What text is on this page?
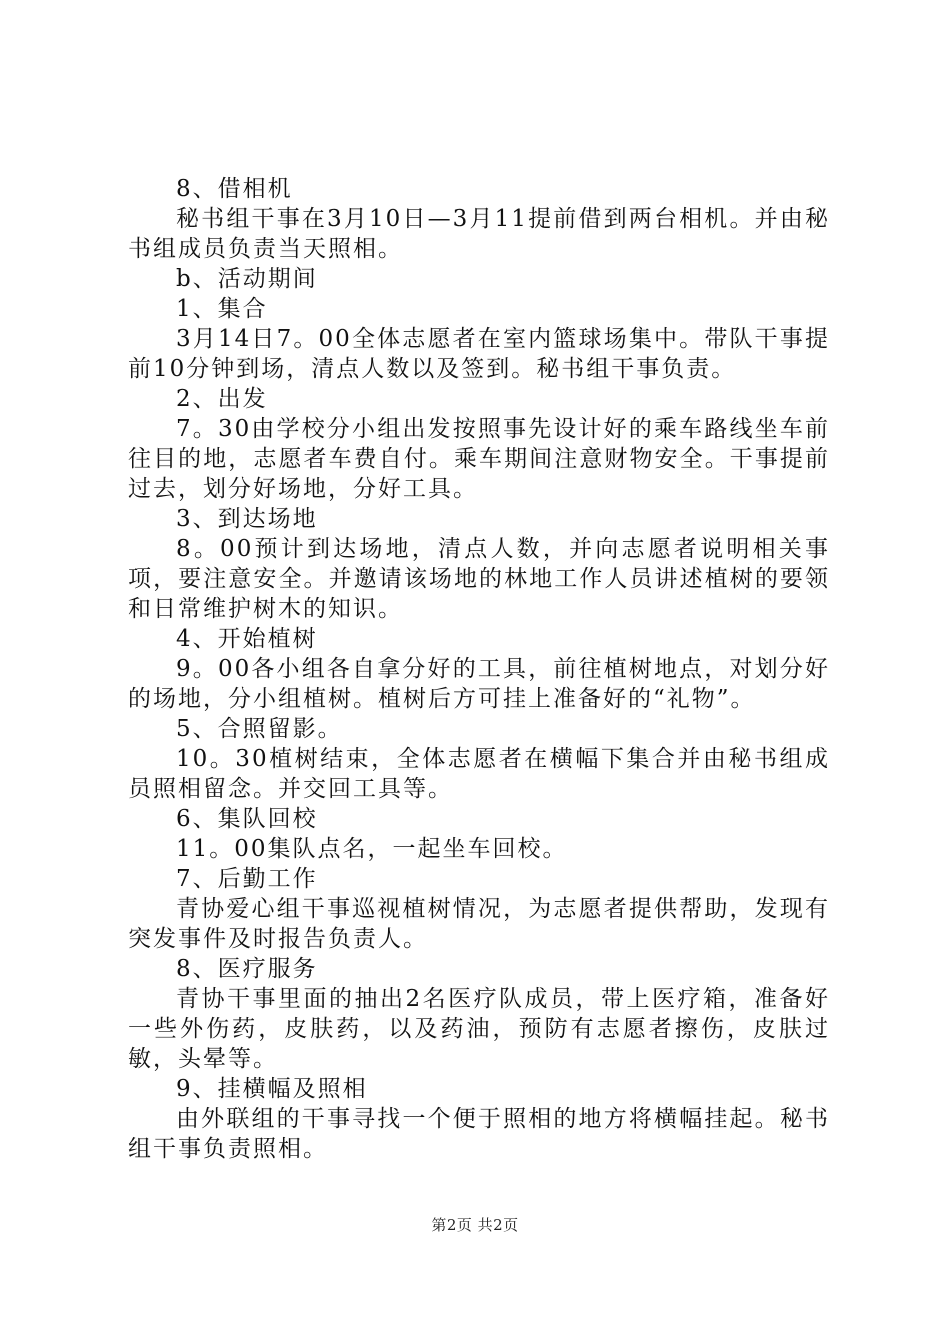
8、借相机

秘书组干事在3月10日—3月11提前借到两台相机。并由秘书组成员负责当天照相。

b、活动期间

1、集合

3月14日7。00全体志愿者在室内篮球场集中。带队干事提前10分钟到场，清点人数以及签到。秘书组干事负责。

2、出发

7。30由学校分小组出发按照事先设计好的乘车路线坐车前往目的地，志愿者车费自付。乘车期间注意财物安全。干事提前过去，划分好场地，分好工具。

3、到达场地

8。00预计到达场地，清点人数，并向志愿者说明相关事项，要注意安全。并邀请该场地的林地工作人员讲述植树的要领和日常维护树木的知识。

4、开始植树

9。00各小组各自拿分好的工具，前往植树地点，对划分好的场地，分小组植树。植树后方可挂上准备好的“礼物”。

5、合照留影。

10。30植树结束，全体志愿者在横幅下集合并由秘书组成员照相留念。并交回工具等。

6、集队回校

11。00集队点名，一起坐车回校。

7、后勤工作

青协爱心组干事巡视植树情况，为志愿者提供帮助，发现有突发事件及时报告负责人。

8、医疗服务

青协干事里面的抽出2名医疗队成员，带上医疗箱，准备好一些外伤药，皮肤药，以及药油，预防有志愿者擦伤，皮肤过敏，头晕等。

9、挂横幅及照相

由外联组的干事寻找一个便于照相的地方将横幅挂起。秘书组干事负责照相。

第2页 共2页
